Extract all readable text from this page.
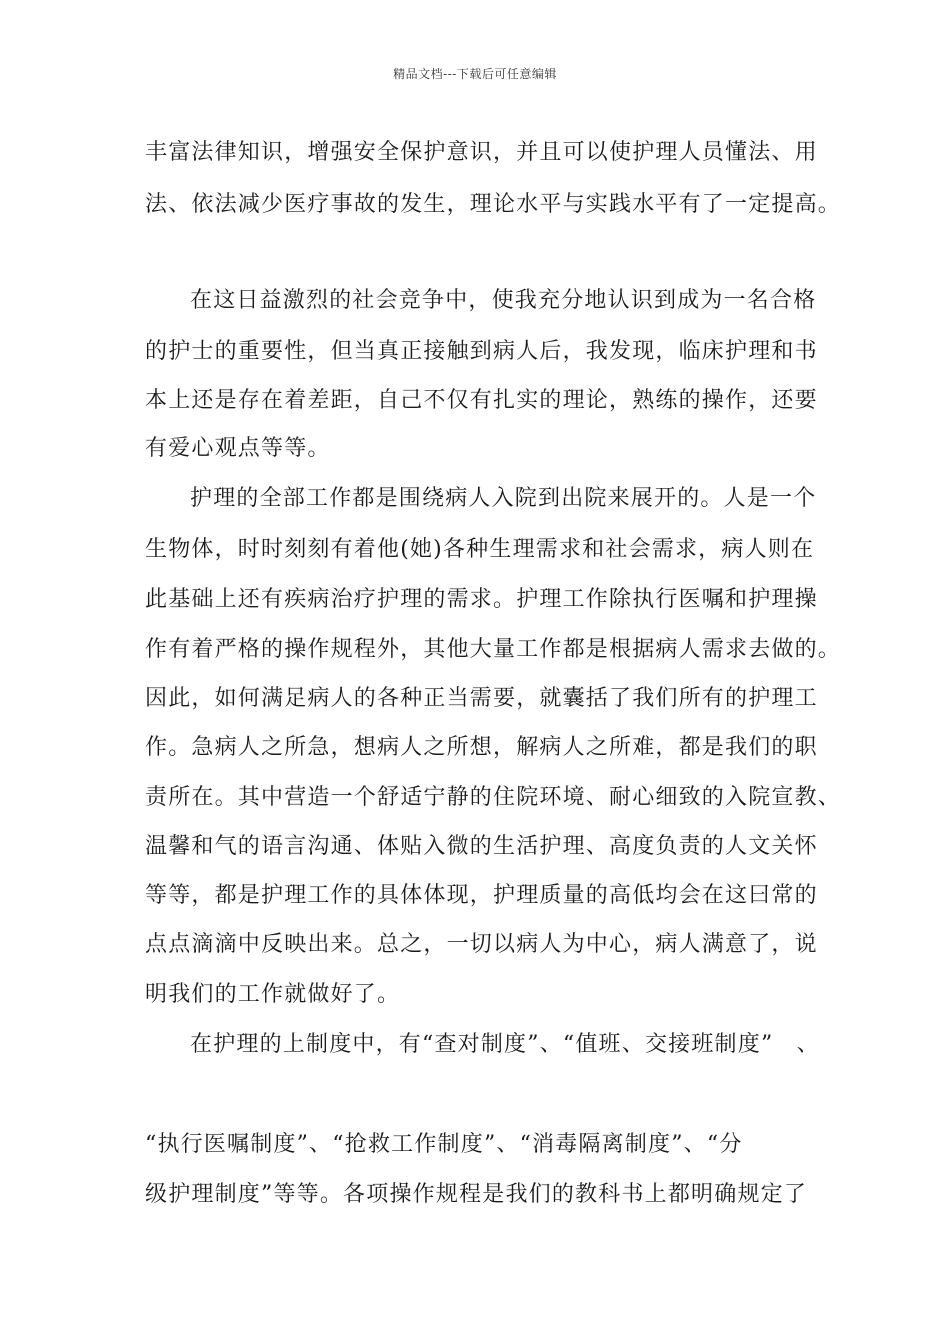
精品文档---下载后可任意编辑
丰富法律知识，增强安全保护意识，并且可以使护理人员懂法、用
法、依法减少医疗事故的发生，理论水平与实践水平有了一定提高。
在这日益激烈的社会竞争中，使我充分地认识到成为一名合格
的护士的重要性，但当真正接触到病人后，我发现，临床护理和书
本上还是存在着差距，自己不仅有扎实的理论，熟练的操作，还要
有爱心观点等等。
护理的全部工作都是围绕病人入院到出院来展开的。人是一个
生物体，时时刻刻有着他(她)各种生理需求和社会需求，病人则在
此基础上还有疾病治疗护理的需求。护理工作除执行医嘱和护理操
作有着严格的操作规程外，其他大量工作都是根据病人需求去做的。
因此，如何满足病人的各种正当需要，就囊括了我们所有的护理工
作。急病人之所急，想病人之所想，解病人之所难，都是我们的职
责所在。其中营造一个舒适宁静的住院环境、耐心细致的入院宣教、
温馨和气的语言沟通、体贴入微的生活护理、高度负责的人文关怀
等等，都是护理工作的具体体现，护理质量的高低均会在这曰常的
点点滴滴中反映出来。总之，一切以病人为中心，病人满意了，说
明我们的工作就做好了。
在护理的上制度中，有“查对制度”、“值班、交接班制度”　、
“执行医嘱制度”、“抢救工作制度”、“消毒隔离制度”、“分
级护理制度”等等。各项操作规程是我们的教科书上都明确规定了
